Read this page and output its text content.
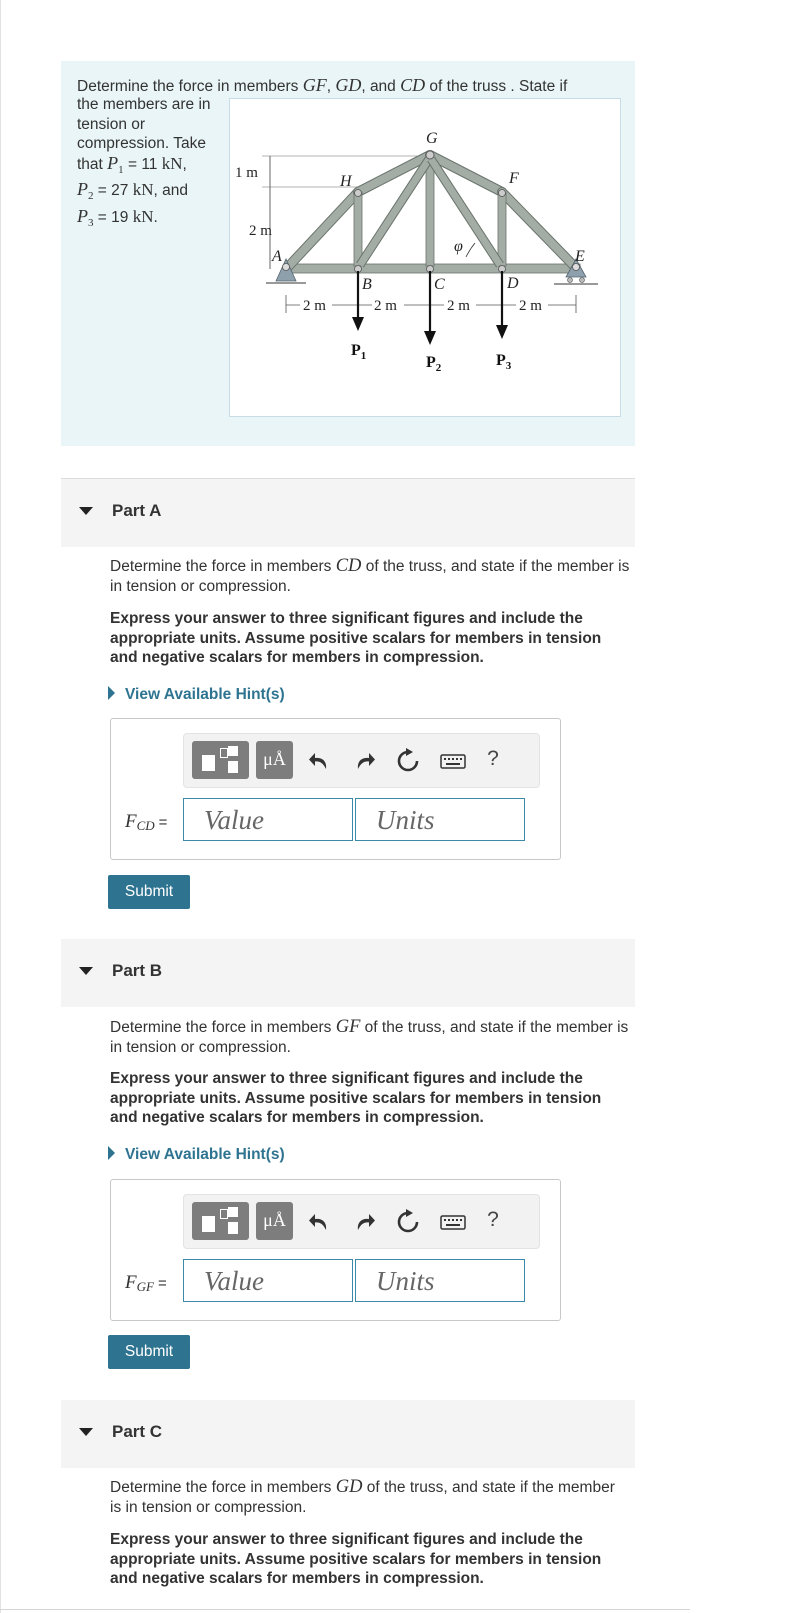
Determine the force in members GF, GD, and CD of the truss . State if
the members are in
tension or
compression. Take
that $P_1 = 11$ kN,
$P_2 = 27$ kN, and
$P_3 = 19$ kN.
1 m
2 m
A
B	C	D
E
F
G
H
φ
2 m	2 m	2 m	2 m
$P_1$	$P_2$	$P_3$
Part A
Determine the force in members CD of the truss, and state if the member is in tension or compression.
Express your answer to three significant figures and include the appropriate units. Assume positive scalars for members in tension and negative scalars for members in compression.
View Available Hint(s)
μÅ	?
$F_{CD}$ =	Value	Units
Submit
Part B
Determine the force in members GF of the truss, and state if the member is in tension or compression.
Express your answer to three significant figures and include the appropriate units. Assume positive scalars for members in tension and negative scalars for members in compression.
View Available Hint(s)
μÅ	?
$F_{GF}$ =	Value	Units
Submit
Part C
Determine the force in members GD of the truss, and state if the member is in tension or compression.
Express your answer to three significant figures and include the appropriate units. Assume positive scalars for members in tension and negative scalars for members in compression.
